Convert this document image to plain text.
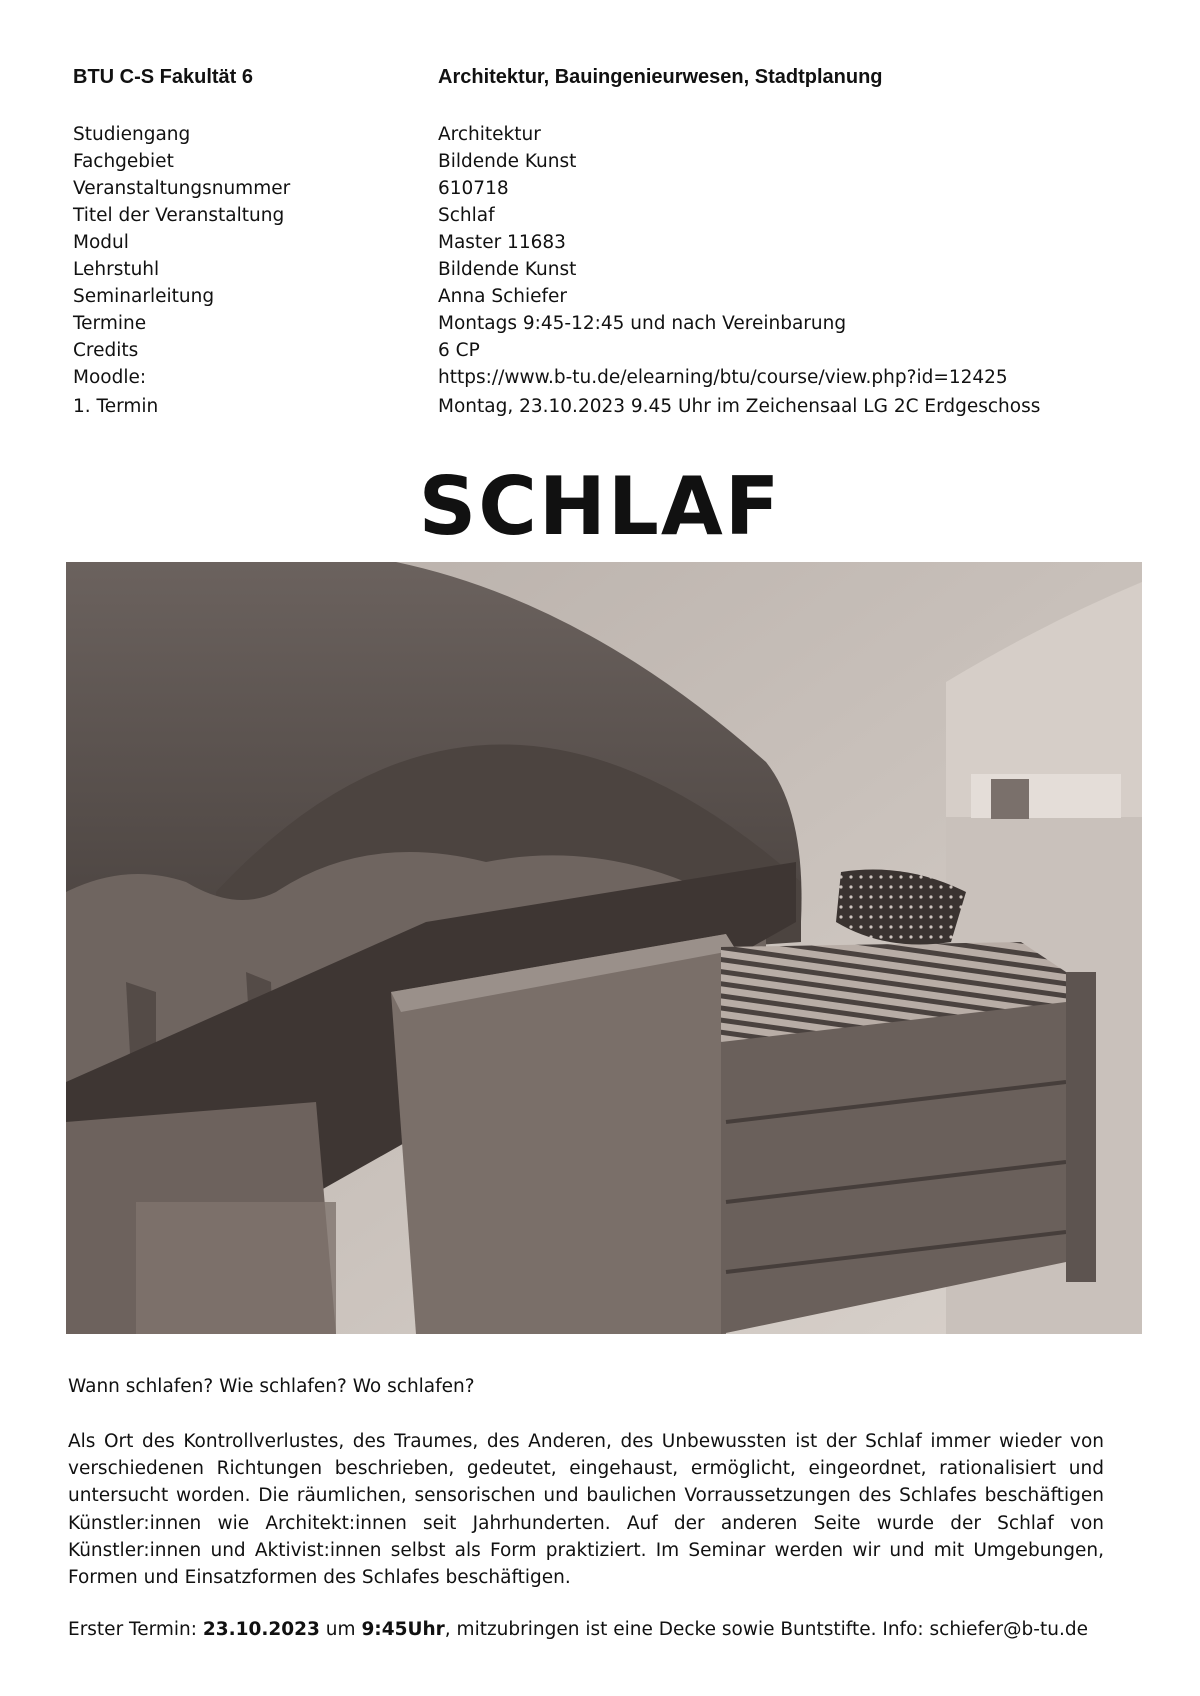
BTU C-S Fakultät 6	Architektur, Bauingenieurwesen, Stadtplanung
Studiengang	Architektur
Fachgebiet	Bildende Kunst
Veranstaltungsnummer	610718
Titel der Veranstaltung	Schlaf
Modul	Master 11683
Lehrstuhl	Bildende Kunst
Seminarleitung	Anna Schiefer
Termine	Montags 9:45-12:45 und nach Vereinbarung
Credits	6 CP
Moodle:	https://www.b-tu.de/elearning/btu/course/view.php?id=12425
1. Termin	Montag, 23.10.2023 9.45 Uhr im Zeichensaal LG 2C Erdgeschoss
SCHLAF
Wann schlafen? Wie schlafen? Wo schlafen?
Als Ort des Kontrollverlustes, des Traumes, des Anderen, des Unbewussten ist der Schlaf immer wieder von verschiedenen Richtungen beschrieben, gedeutet, eingehaust, ermöglicht, eingeordnet, rationalisiert und untersucht worden. Die räumlichen, sensorischen und baulichen Vorraussetzungen des Schlafes beschäftigen Künstler:innen wie Architekt:innen seit Jahrhunderten. Auf der anderen Seite wurde der Schlaf von Künstler:innen und Aktivist:innen selbst als Form praktiziert. Im Seminar werden wir und mit Umgebungen, Formen und Einsatzformen des Schlafes beschäftigen.
Erster Termin: 23.10.2023 um 9:45Uhr, mitzubringen ist eine Decke sowie Buntstifte. Info: schiefer@b-tu.de
